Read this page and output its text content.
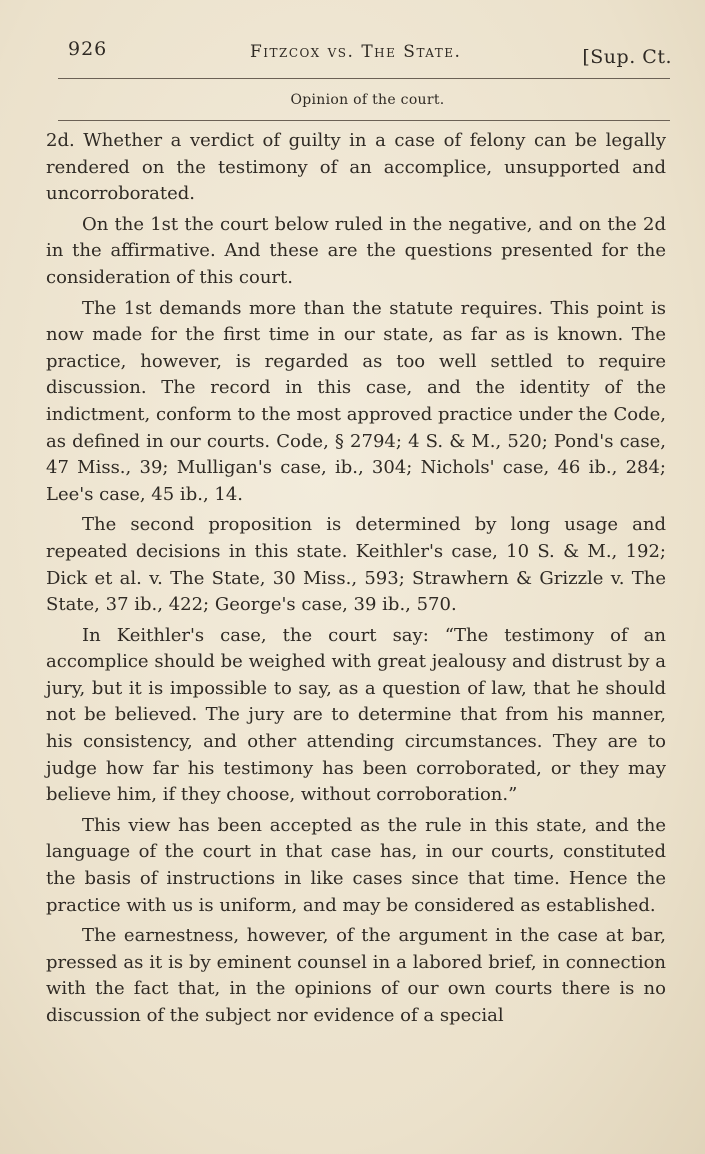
926	Fitzcox vs. The State.	[Sup. Ct.
Opinion of the court.

2d. Whether a verdict of guilty in a case of felony can be legally rendered on the testimony of an accomplice, unsupported and uncorroborated.

On the 1st the court below ruled in the negative, and on the 2d in the affirmative. And these are the questions presented for the consideration of this court.

The 1st demands more than the statute requires. This point is now made for the first time in our state, as far as is known. The practice, however, is regarded as too well settled to require discussion. The record in this case, and the identity of the indictment, conform to the most approved practice under the Code, as defined in our courts. Code, § 2794; 4 S. & M., 520; Pond's case, 47 Miss., 39; Mulligan's case, ib., 304; Nichols' case, 46 ib., 284; Lee's case, 45 ib., 14.

The second proposition is determined by long usage and repeated decisions in this state. Keithler's case, 10 S. & M., 192; Dick et al. v. The State, 30 Miss., 593; Strawhern & Grizzle v. The State, 37 ib., 422; George's case, 39 ib., 570.

In Keithler's case, the court say: “The testimony of an accomplice should be weighed with great jealousy and distrust by a jury, but it is impossible to say, as a question of law, that he should not be believed. The jury are to determine that from his manner, his consistency, and other attending circumstances. They are to judge how far his testimony has been corroborated, or they may believe him, if they choose, without corroboration.”

This view has been accepted as the rule in this state, and the language of the court in that case has, in our courts, constituted the basis of instructions in like cases since that time. Hence the practice with us is uniform, and may be considered as established.

The earnestness, however, of the argument in the case at bar, pressed as it is by eminent counsel in a labored brief, in connection with the fact that, in the opinions of our own courts there is no discussion of the subject nor evidence of a special
